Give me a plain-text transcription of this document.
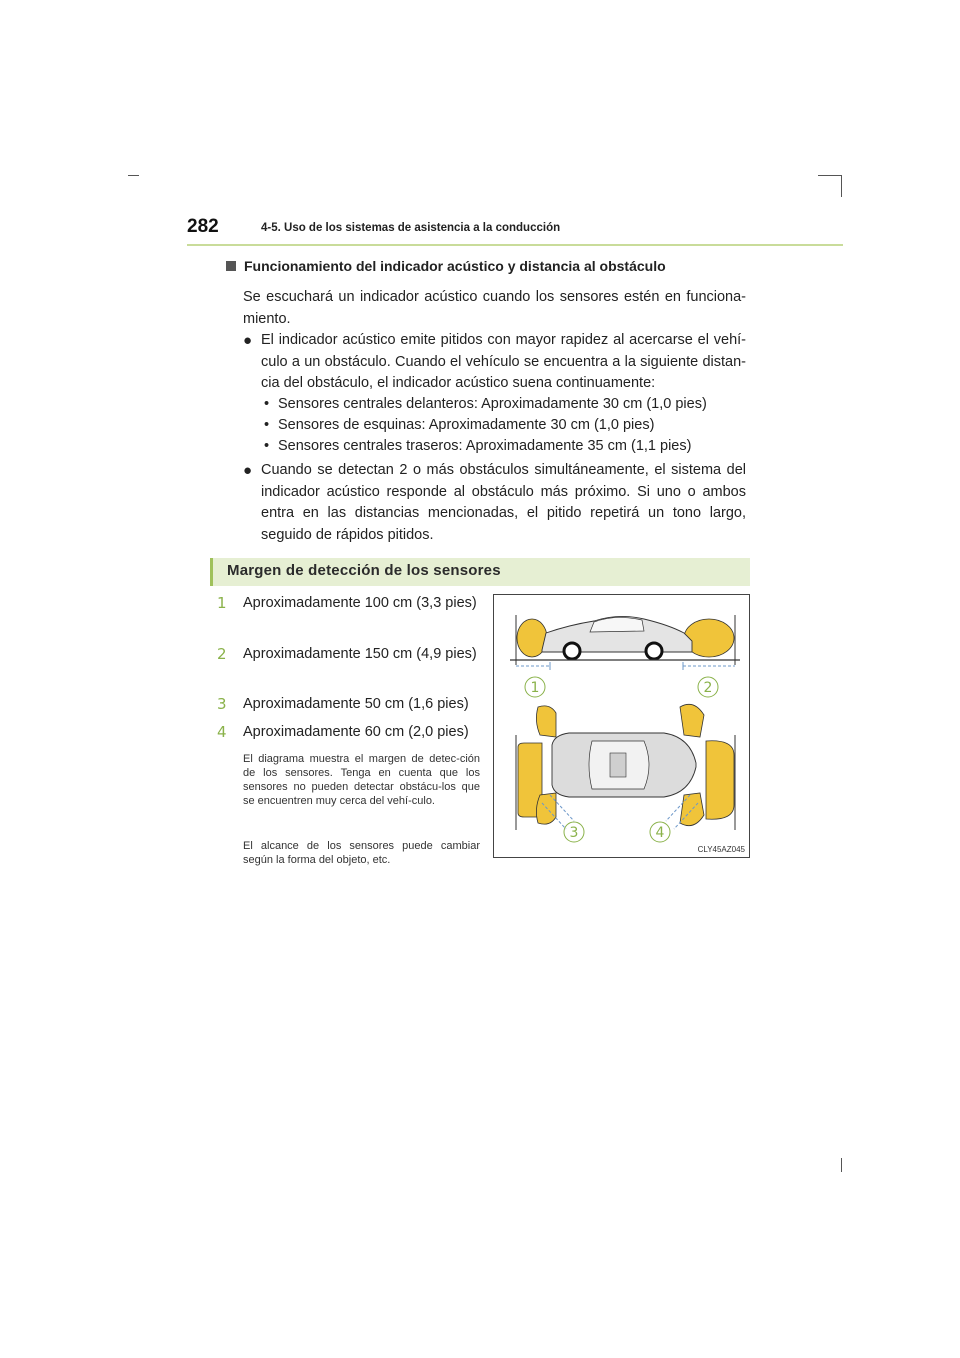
282	4-5. Uso de los sistemas de asistencia a la conducción
Funcionamiento del indicador acústico y distancia al obstáculo
Se escuchará un indicador acústico cuando los sensores estén en funciona-miento.
● El indicador acústico emite pitidos con mayor rapidez al acercarse el vehí-culo a un obstáculo. Cuando el vehículo se encuentra a la siguiente distan-cia del obstáculo, el indicador acústico suena continuamente:
• Sensores centrales delanteros: Aproximadamente 30 cm (1,0 pies)
• Sensores de esquinas: Aproximadamente 30 cm (1,0 pies)
• Sensores centrales traseros: Aproximadamente 35 cm (1,1 pies)
● Cuando se detectan 2 o más obstáculos simultáneamente, el sistema del indicador acústico responde al obstáculo más próximo. Si uno o ambos entra en las distancias mencionadas, el pitido repetirá un tono largo, seguido de rápidos pitidos.
Margen de detección de los sensores
1	Aproximadamente 100 cm (3,3 pies)
2	Aproximadamente 150 cm (4,9 pies)
3	Aproximadamente 50 cm (1,6 pies)
4	Aproximadamente 60 cm (2,0 pies)
El diagrama muestra el margen de detec-ción de los sensores. Tenga en cuenta que los sensores no pueden detectar obstácu-los que se encuentren muy cerca del vehí-culo.
El alcance de los sensores puede cambiar según la forma del objeto, etc.
1	2
3	4
CLY45AZ045
